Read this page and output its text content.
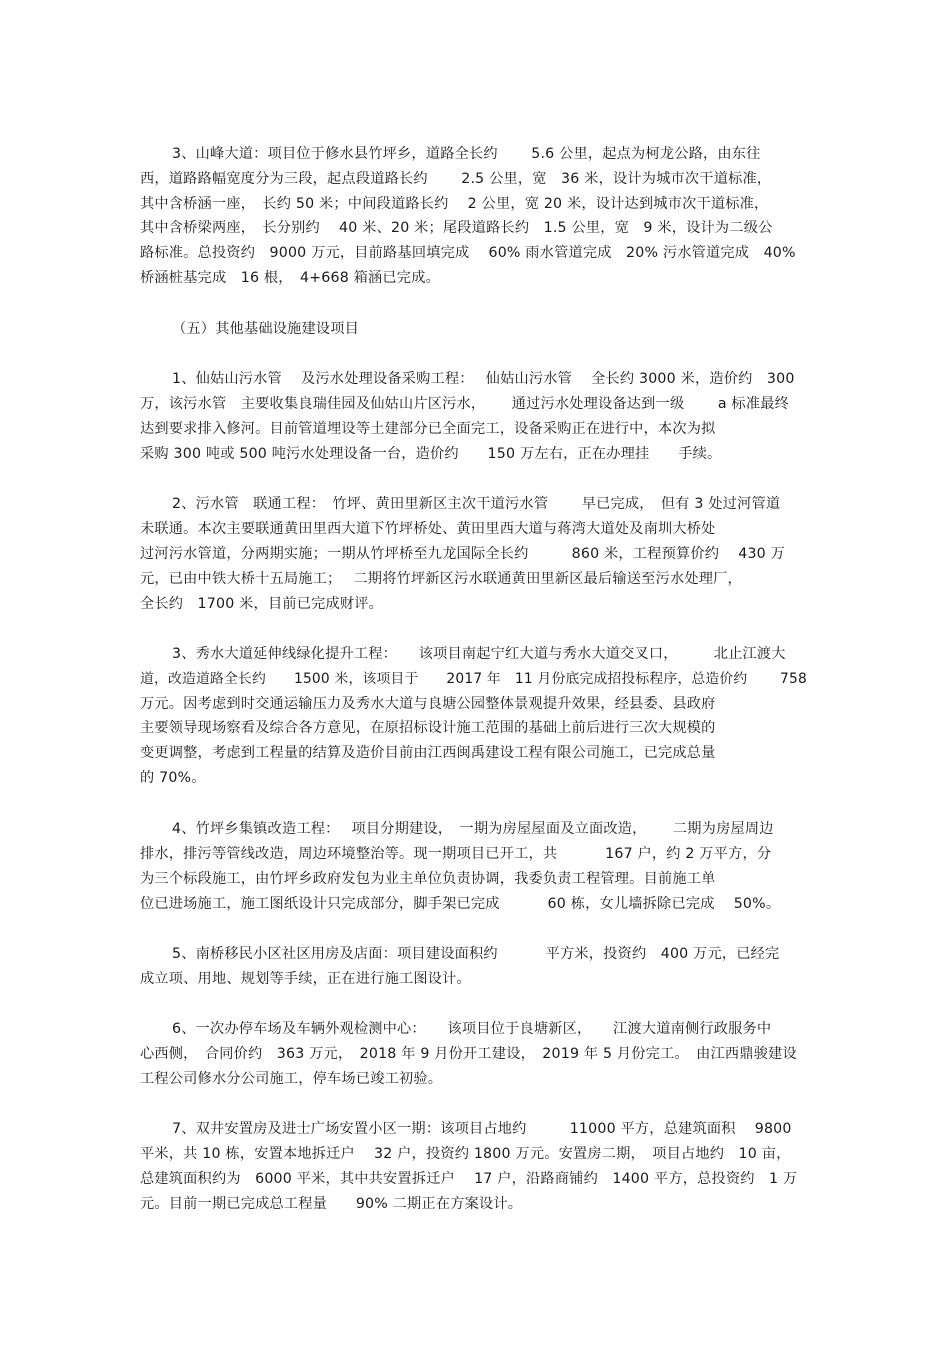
3、山峰大道：项目位于修水县竹坪乡，道路全长约　　 5.6 公里，起点为柯龙公路，由东往
西，道路路幅宽度分为三段，起点段道路长约　　 2.5 公里，宽　36 米，设计为城市次干道标准，
其中含桥涵一座，　长约 50 米；中间段道路长约　 2 公里，宽 20 米，设计达到城市次干道标准，
其中含桥梁两座，　长分别约　 40 米、20 米；尾段道路长约　1.5 公里，宽　9 米，设计为二级公
路标准。总投资约　9000 万元，目前路基回填完成　 60% 雨水管道完成　20% 污水管道完成　40%
桥涵桩基完成　16 根，　4+668 箱涵已完成。
（五）其他基础设施建设项目
1、仙姑山污水管　 及污水处理设备采购工程：　 仙姑山污水管　 全长约 3000 米，造价约　300
万，该污水管　主要收集良瑞佳园及仙姑山片区污水，　　 通过污水处理设备达到一级　　 a 标准最终
达到要求排入修河。目前管道埋设等土建部分已全面完工，设备采购正在进行中，本次为拟
采购 300 吨或 500 吨污水处理设备一台，造价约　　150 万左右，正在办理挂　　手续。
2、污水管　联通工程：　竹坪、黄田里新区主次干道污水管　　 早已完成，　但有 3 处过河管道
未联通。本次主要联通黄田里西大道下竹坪桥处、黄田里西大道与蒋湾大道处及南圳大桥处
过河污水管道，分两期实施；一期从竹坪桥至九龙国际全长约　　　860 米，工程预算价约　 430 万
元，已由中铁大桥十五局施工；　 二期将竹坪新区污水联通黄田里新区最后输送至污水处理厂，
全长约　1700 米，目前已完成财评。
3、秀水大道延伸线绿化提升工程：　　该项目南起宁红大道与秀水大道交叉口，　　　北止江渡大
道，改造道路全长约　　1500 米，该项目于　　2017 年　11 月份底完成招投标程序，总造价约　　 758
万元。因考虑到时交通运输压力及秀水大道与良塘公园整体景观提升效果，经县委、县政府
主要领导现场察看及综合各方意见，在原招标设计施工范围的基础上前后进行三次大规模的
变更调整，考虑到工程量的结算及造价目前由江西闽禹建设工程有限公司施工，已完成总量
的 70%。
4、竹坪乡集镇改造工程：　 项目分期建设，　一期为房屋屋面及立面改造，　　 二期为房屋周边
排水，排污等管线改造，周边环境整治等。现一期项目已开工，共　　　 167 户，约 2 万平方，分
为三个标段施工，由竹坪乡政府发包为业主单位负责协调，我委负责工程管理。目前施工单
位已进场施工，施工图纸设计只完成部分，脚手架已完成　　　 60 栋，女儿墙拆除已完成　 50%。
5、南桥移民小区社区用房及店面：项目建设面积约　　　 平方米，投资约　400 万元，已经完
成立项、用地、规划等手续，正在进行施工图设计。
6、一次办停车场及车辆外观检测中心：　　该项目位于良塘新区，　　江渡大道南侧行政服务中
心西侧，　合同价约　363 万元，　2018 年 9 月份开工建设，　2019 年 5 月份完工。　由江西鼎骏建设
工程公司修水分公司施工，停车场已竣工初验。
7、双井安置房及进士广场安置小区一期：该项目占地约　　　11000 平方，总建筑面积　 9800
平米，共 10 栋，安置本地拆迁户　 32 户，投资约 1800 万元。安置房二期，　项目占地约　10 亩，
总建筑面积约为　6000 平米，其中共安置拆迁户　 17 户，沿路商铺约　1400 平方，总投资约　1 万
元。目前一期已完成总工程量　　90% 二期正在方案设计。
